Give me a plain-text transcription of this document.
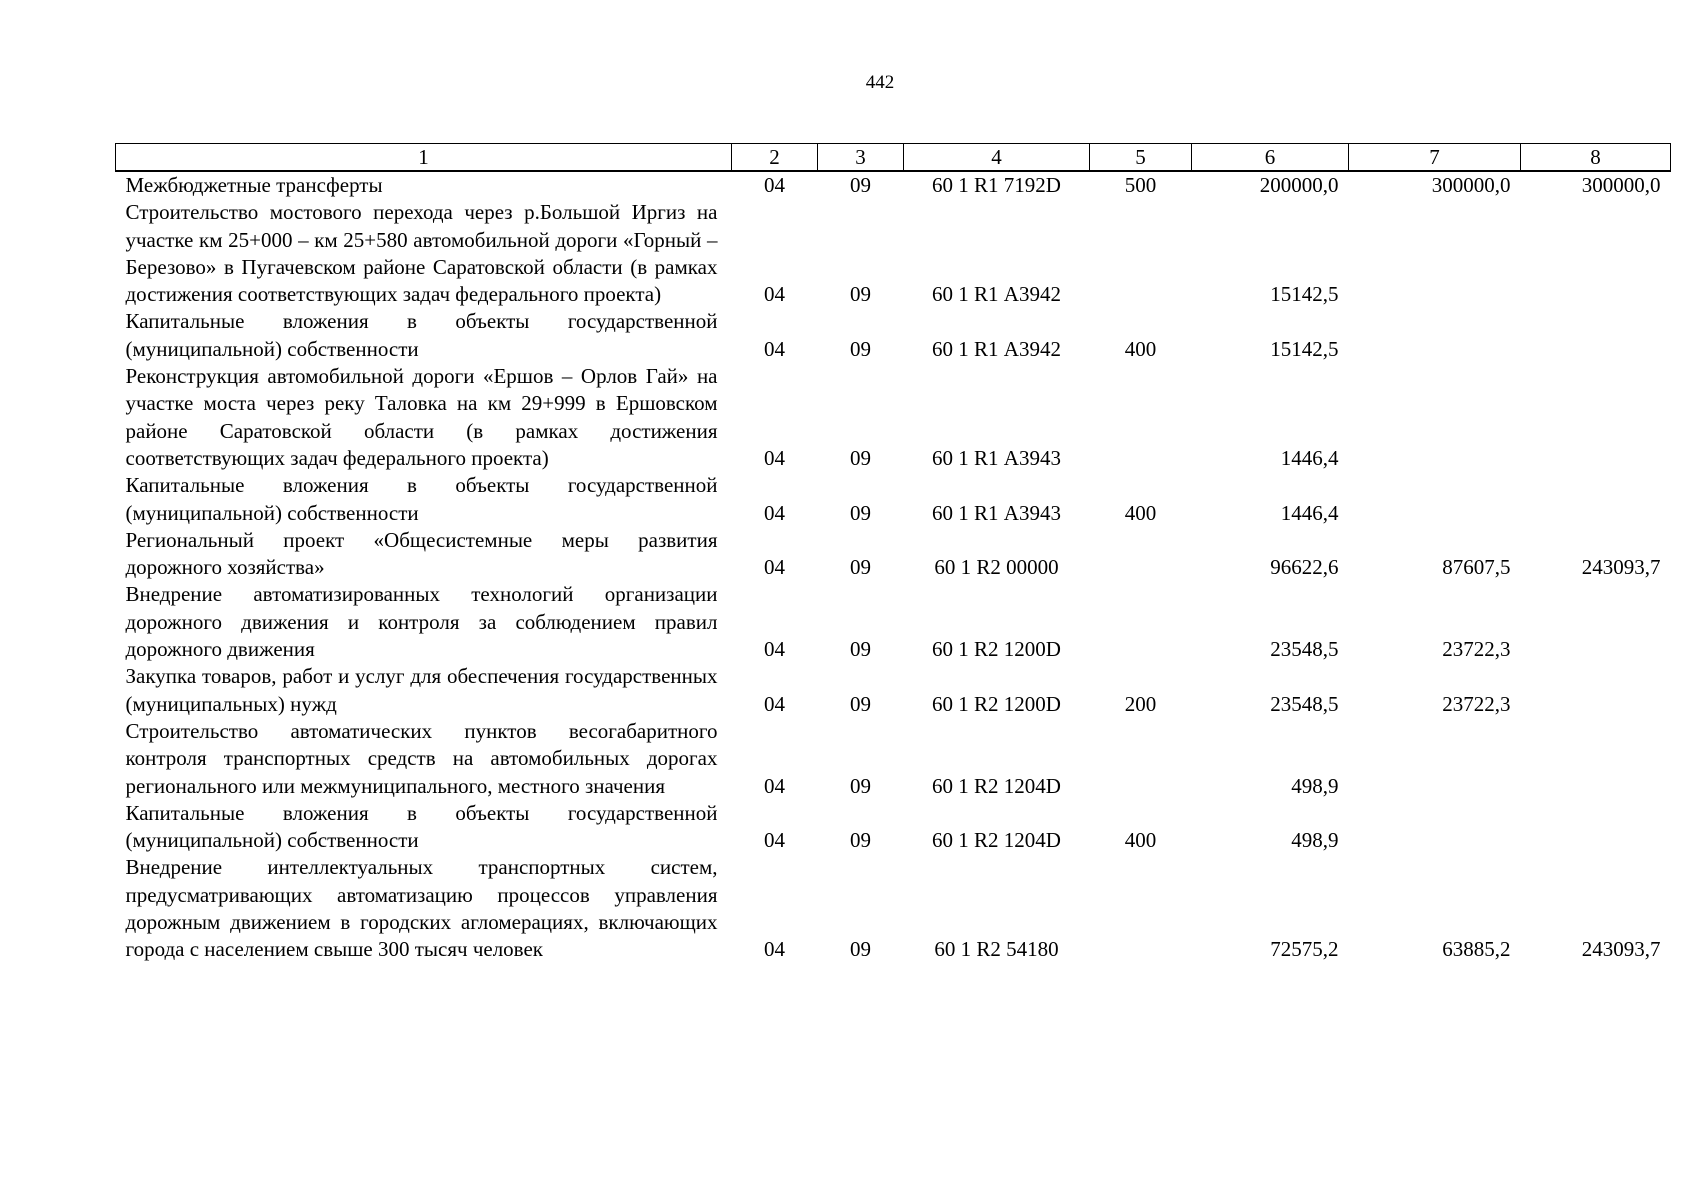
442
1	2	3	4	5	6	7	8
Межбюджетные трансферты	04	09	60 1 R1 7192D	500	200000,0	300000,0	300000,0
Строительство мостового перехода через р.Большой Иргиз на участке км 25+000 – км 25+580 автомобильной дороги «Горный – Березово» в Пугачевском районе Саратовской области (в рамках достижения соответствующих задач федерального проекта)	04	09	60 1 R1 А3942		15142,5		
Капитальные вложения в объекты государственной (муниципальной) собственности	04	09	60 1 R1 А3942	400	15142,5		
Реконструкция автомобильной дороги «Ершов – Орлов Гай» на участке моста через реку Таловка на км 29+999 в Ершовском районе Саратовской области (в рамках достижения соответствующих задач федерального проекта)	04	09	60 1 R1 А3943		1446,4		
Капитальные вложения в объекты государственной (муниципальной) собственности	04	09	60 1 R1 А3943	400	1446,4		
Региональный проект «Общесистемные меры развития дорожного хозяйства»	04	09	60 1 R2 00000		96622,6	87607,5	243093,7
Внедрение автоматизированных технологий организации дорожного движения и контроля за соблюдением правил дорожного движения	04	09	60 1 R2 1200D		23548,5	23722,3	
Закупка товаров, работ и услуг для обеспечения государственных (муниципальных) нужд	04	09	60 1 R2 1200D	200	23548,5	23722,3	
Строительство автоматических пунктов весогабаритного контроля транспортных средств на автомобильных дорогах регионального или межмуниципального, местного значения	04	09	60 1 R2 1204D		498,9		
Капитальные вложения в объекты государственной (муниципальной) собственности	04	09	60 1 R2 1204D	400	498,9		
Внедрение интеллектуальных транспортных систем, предусматривающих автоматизацию процессов управления дорожным движением в городских агломерациях, включающих города с населением свыше 300 тысяч человек	04	09	60 1 R2 54180		72575,2	63885,2	243093,7
